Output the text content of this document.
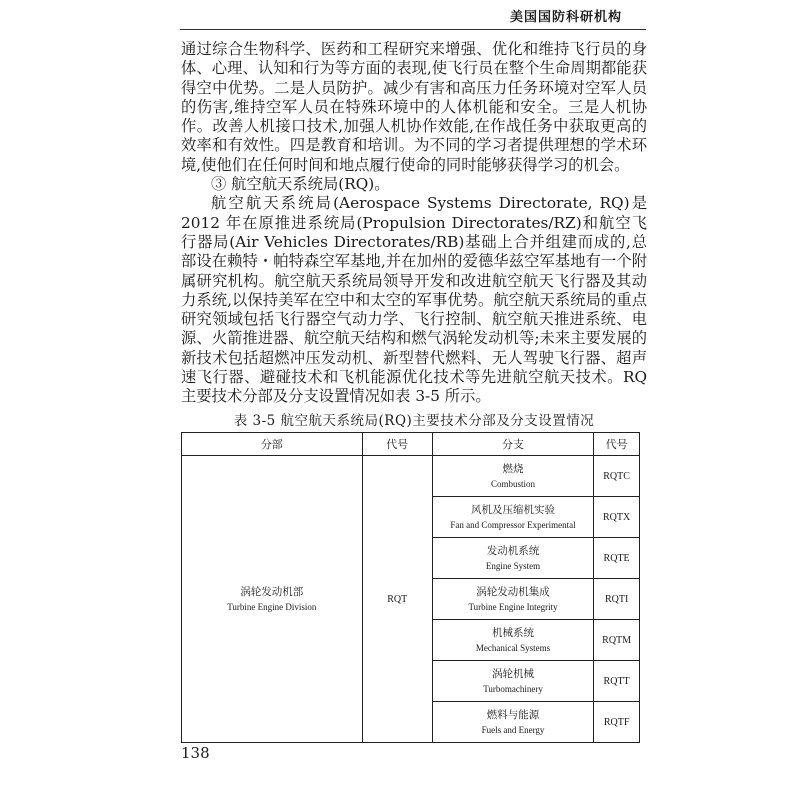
美国国防科研机构

通过综合生物科学、医药和工程研究来增强、优化和维持飞行员的身体、心理、认知和行为等方面的表现,使飞行员在整个生命周期都能获得空中优势。二是人员防护。减少有害和高压力任务环境对空军人员的伤害,维持空军人员在特殊环境中的人体机能和安全。三是人机协作。改善人机接口技术,加强人机协作效能,在作战任务中获取更高的效率和有效性。四是教育和培训。为不同的学习者提供理想的学术环境,使他们在任何时间和地点履行使命的同时能够获得学习的机会。

③ 航空航天系统局(RQ)。

航空航天系统局(Aerospace Systems Directorate, RQ)是 2012 年在原推进系统局(Propulsion Directorates/RZ)和航空飞行器局(Air Vehicles Directorates/RB)基础上合并组建而成的,总部设在赖特・帕特森空军基地,并在加州的爱德华兹空军基地有一个附属研究机构。航空航天系统局领导开发和改进航空航天飞行器及其动力系统,以保持美军在空中和太空的军事优势。航空航天系统局的重点研究领域包括飞行器空气动力学、飞行控制、航空航天推进系统、电源、火箭推进器、航空航天结构和燃气涡轮发动机等;未来主要发展的新技术包括超燃冲压发动机、新型替代燃料、无人驾驶飞行器、超声速飞行器、避碰技术和飞机能源优化技术等先进航空航天技术。RQ 主要技术分部及分支设置情况如表 3-5 所示。

表 3-5 航空航天系统局(RQ)主要技术分部及分支设置情况
分部	代号	分支	代号

涡轮发动机部
Turbine Engine Division	RQT	燃烧
Combustion	RQTC

		风机及压缩机实验
Fan and Compressor Experimental	RQTX

		发动机系统
Engine System	RQTE

		涡轮发动机集成
Turbine Engine Integrity	RQTI

		机械系统
Mechanical Systems	RQTM

		涡轮机械
Turbomachinery	RQTT

		燃料与能源
Fuels and Energy	RQTF
138
